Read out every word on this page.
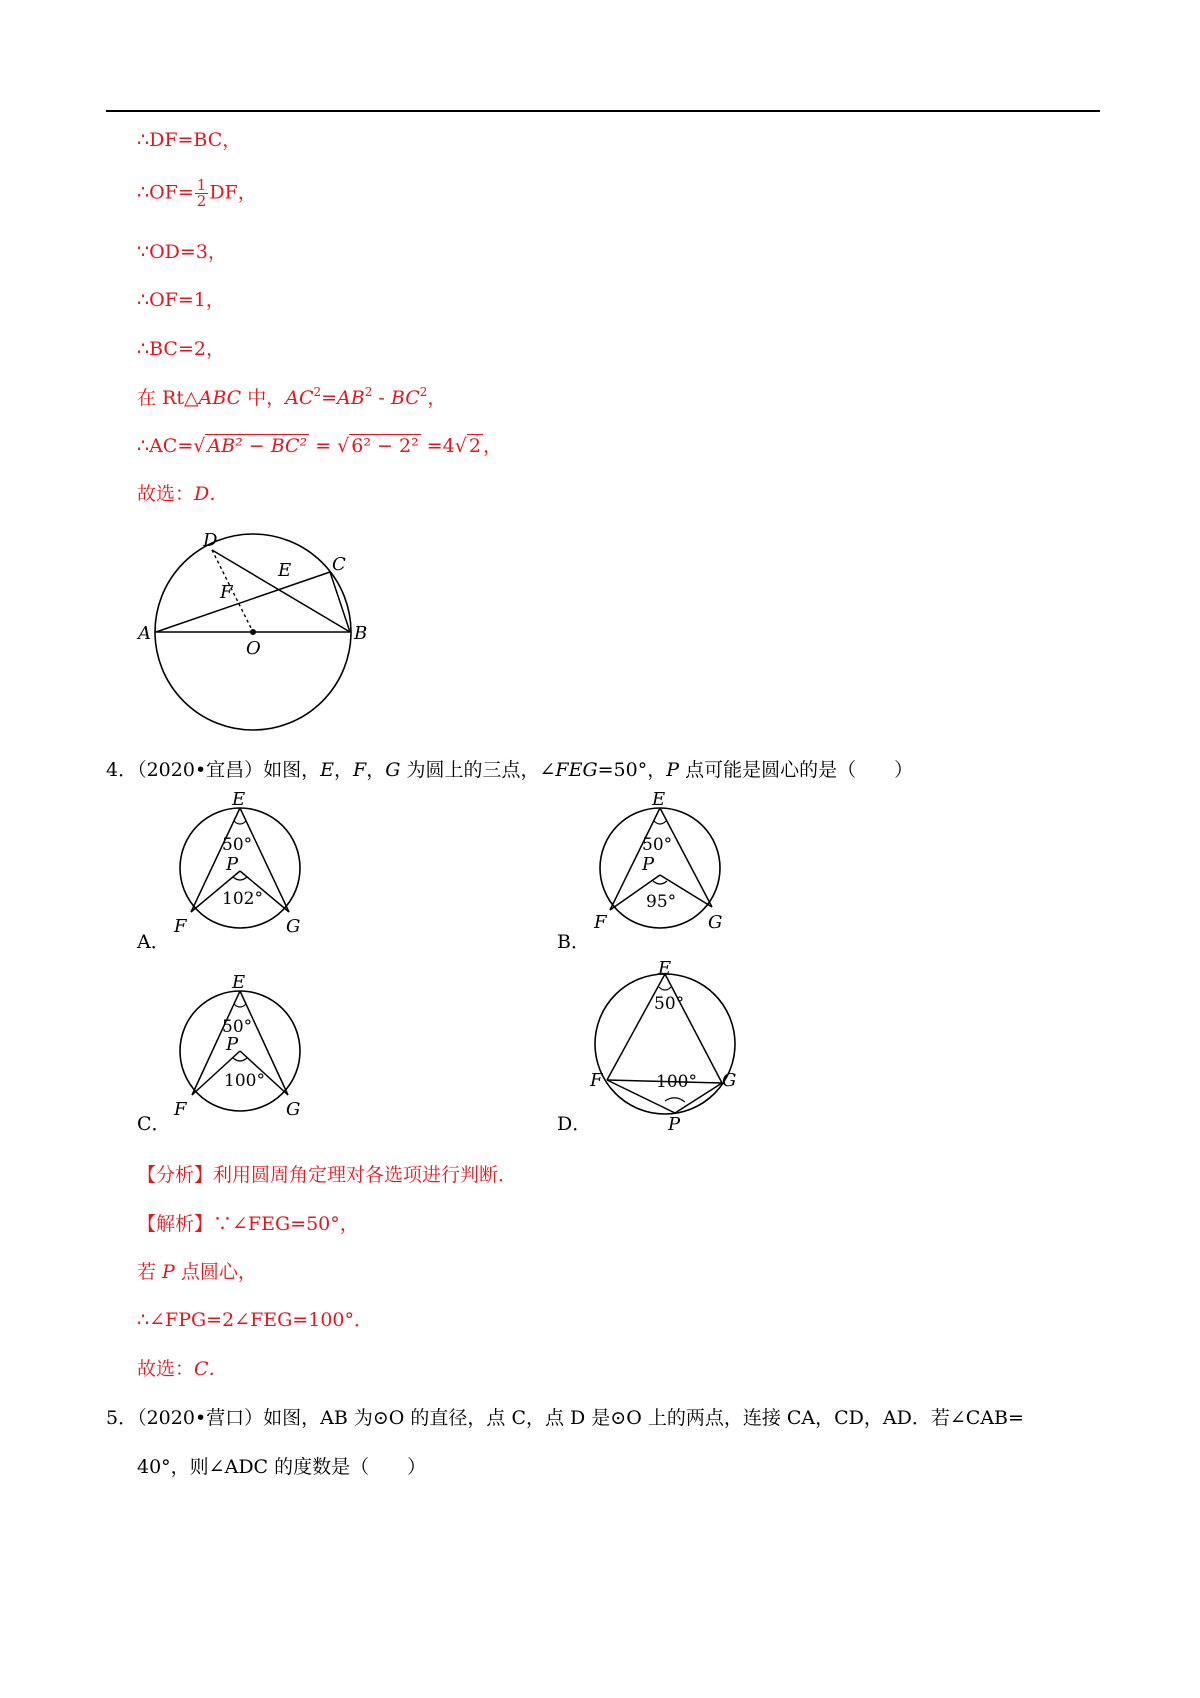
∴DF=BC，
∴OF= $\frac{1}{2}$ DF，
∵OD=3，
∴OF=1，
∴BC=2，
在 Rt△ABC 中，$AC^2=AB^2 - BC^2$，
∴AC=√ AB² − BC² = √ 6² − 2² =4√ 2 ，
故选：D．
A	B
C
D
E
F
O
4．（2020•宜昌）如图，E，F，G 为圆上的三点，∠FEG=50°，P 点可能是圆心的是（　　）
A．
E
F	G
P
50°
102°
B．
E
F	G
P
50°
95°
C．
E
F	G
P
50°
100°
D．
E
F	G
P
50°
100°
【分析】利用圆周角定理对各选项进行判断．
【解析】∵∠FEG=50°，
若 P 点圆心，
∴∠FPG=2∠FEG=100°．
故选：C．
5．（2020•营口）如图，AB 为⊙O 的直径，点 C，点 D 是⊙O 上的两点，连接 CA，CD，AD．若∠CAB=
40°，则∠ADC 的度数是（　　）
